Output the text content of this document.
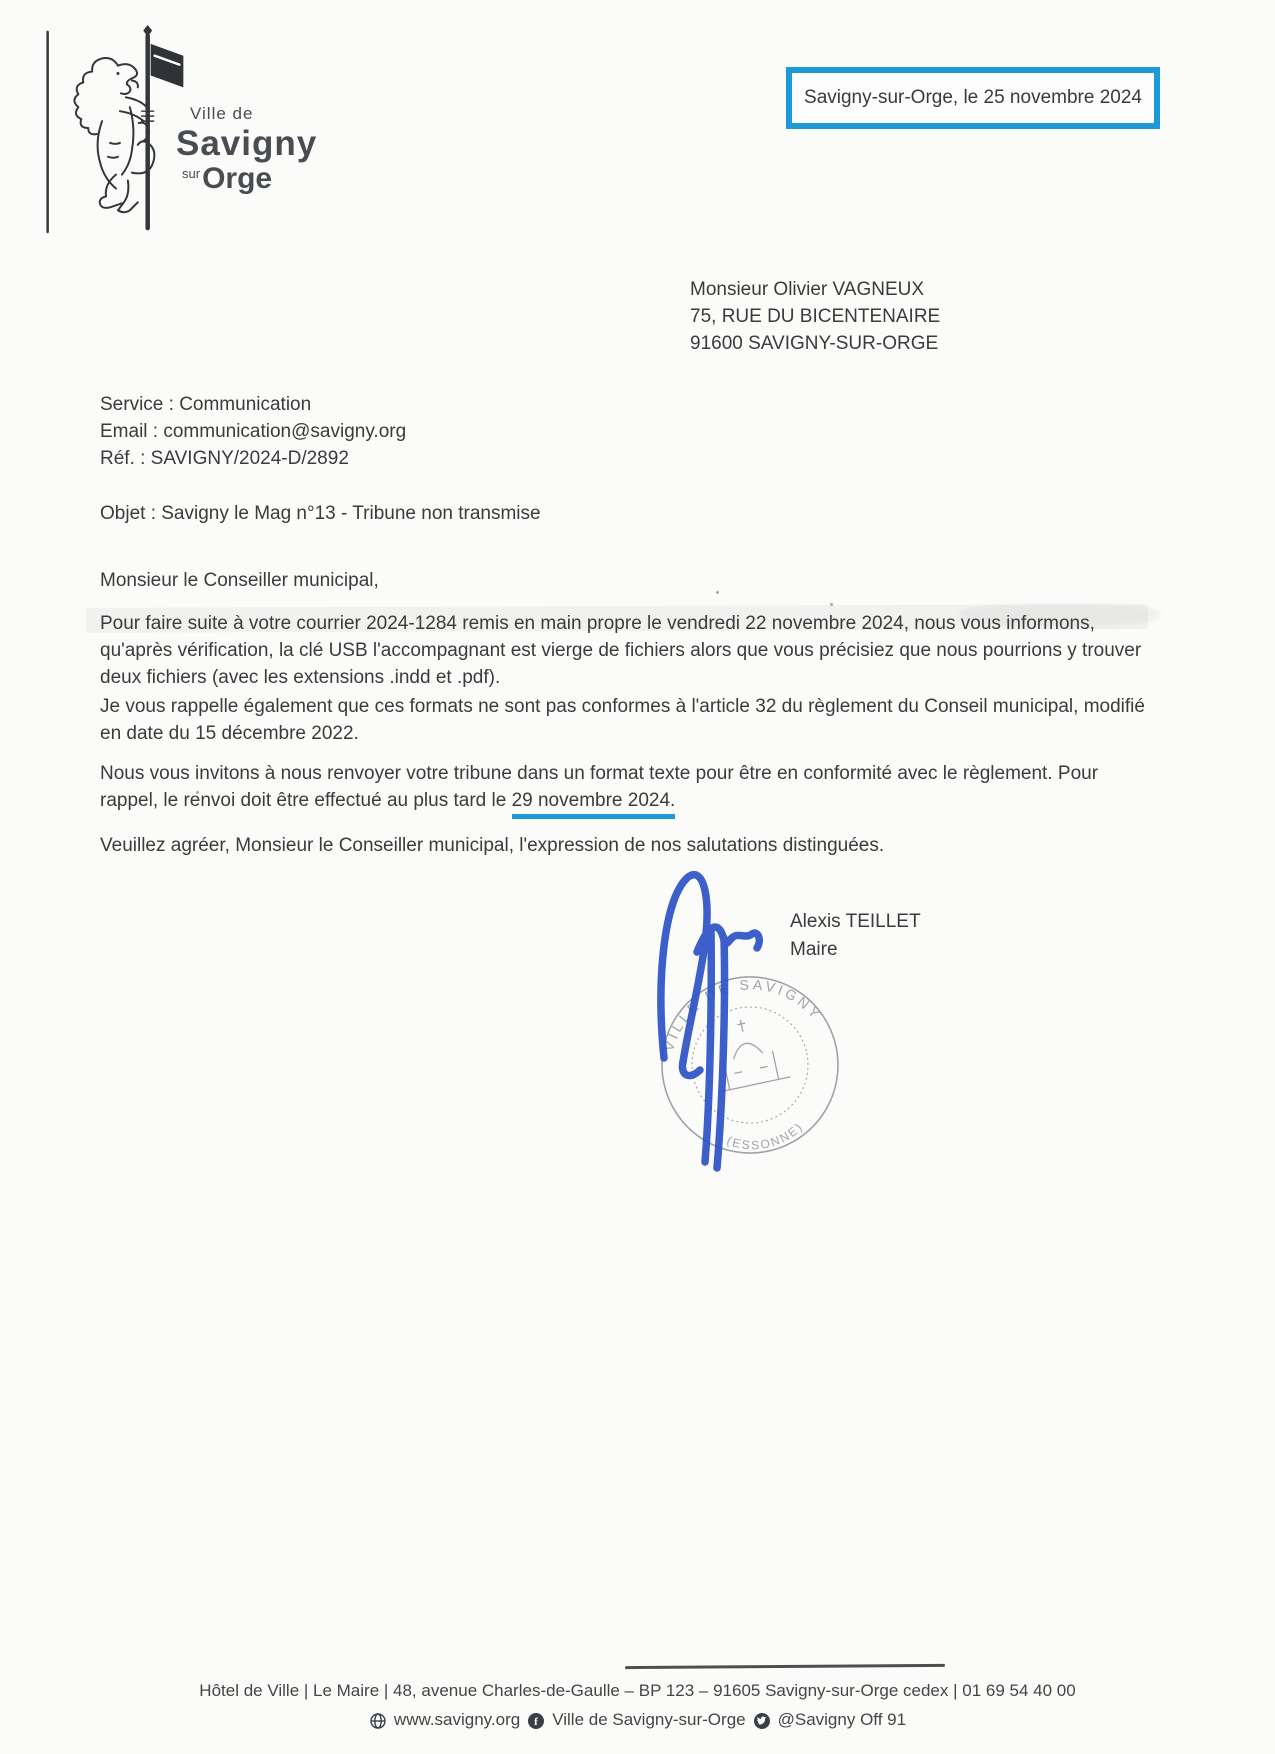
Ville de
Savigny
$^{sur}$Orge
Savigny-sur-Orge, le 25 novembre 2024
Monsieur Olivier VAGNEUX
75, RUE DU BICENTENAIRE
91600 SAVIGNY-SUR-ORGE
Service : Communication
Email : communication@savigny.org
Réf. : SAVIGNY/2024-D/2892
Objet : Savigny le Mag n°13 - Tribune non transmise
Monsieur le Conseiller municipal,
Pour faire suite à votre courrier 2024-1284 remis en main propre le vendredi 22 novembre 2024, nous vous informons,
qu'après vérification, la clé USB l'accompagnant est vierge de fichiers alors que vous précisiez que nous pourrions y trouver
deux fichiers (avec les extensions .indd et .pdf).
Je vous rappelle également que ces formats ne sont pas conformes à l'article 32 du règlement du Conseil municipal, modifié
en date du 15 décembre 2022.
Nous vous invitons à nous renvoyer votre tribune dans un format texte pour être en conformité avec le règlement. Pour
rappel, le renvoi doit être effectué au plus tard le 29 novembre 2024.
Veuillez agréer, Monsieur le Conseiller municipal, l'expression de nos salutations distinguées.
Alexis TEILLET
Maire
VILLE DE SAVIGNY
(ESSONNE)
Hôtel de Ville | Le Maire | 48, avenue Charles-de-Gaulle – BP 123 – 91605 Savigny-sur-Orge cedex | 01 69 54 40 00
www.savigny.org f Ville de Savigny-sur-Orge @Savigny Off 91
